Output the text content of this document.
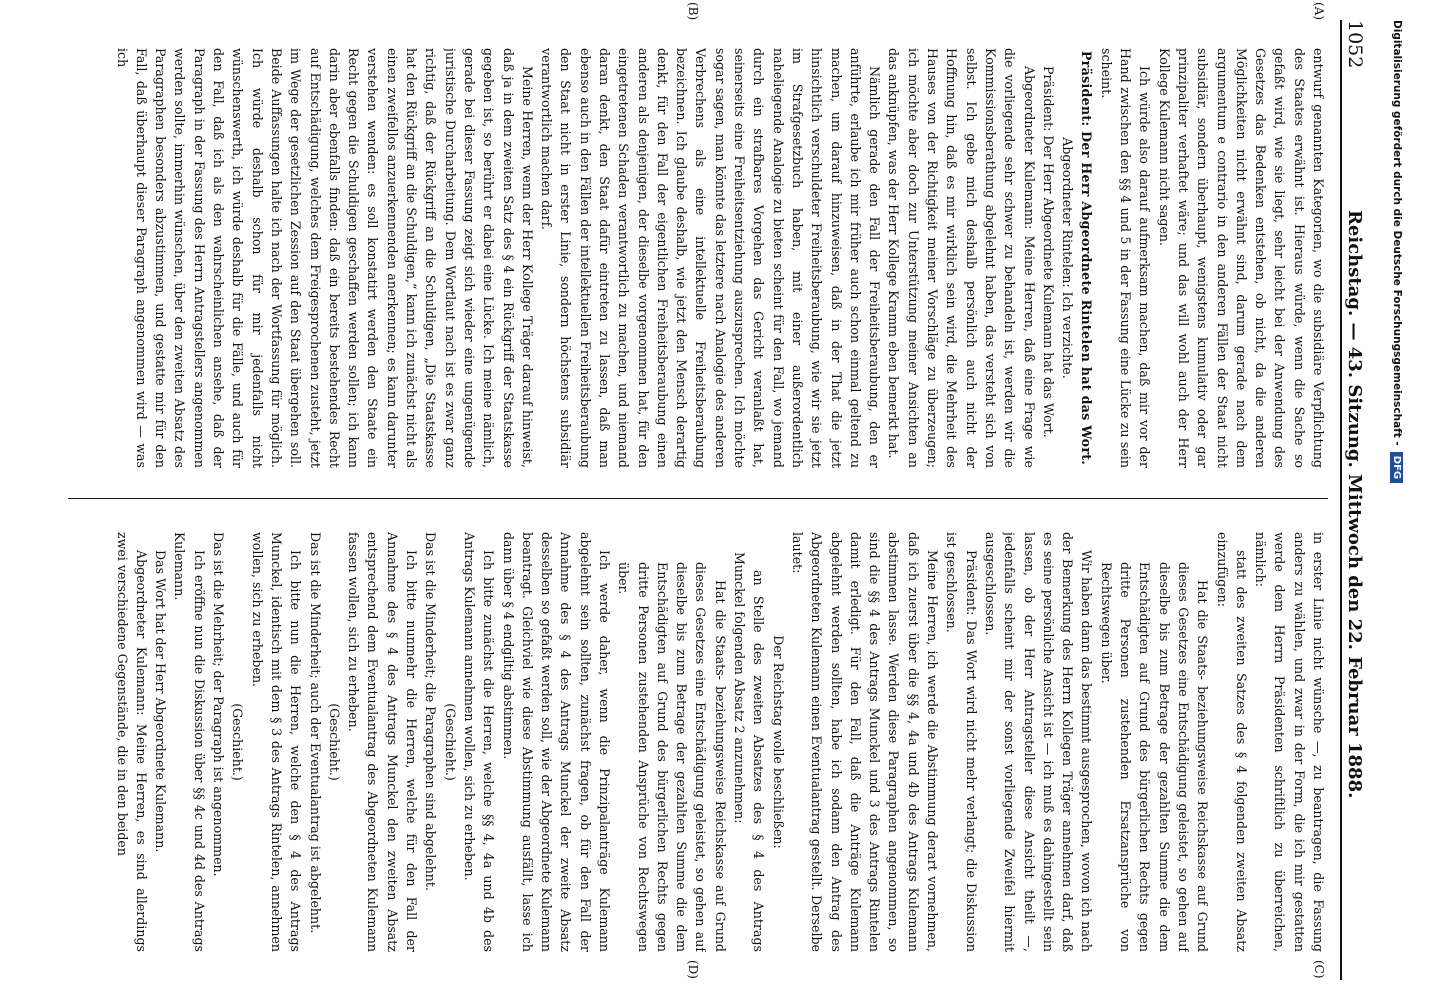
1052
Reichstag. — 43. Sitzung. Mittwoch den 22. Februar 1888.
(A)
(B)
(C)
(D)

entwurf genannten Kategorien, wo die subsidiäre Verpflichtung des Staates erwähnt ist. Hieraus würde, wenn die Sache so gefaßt wird, wie sie liegt, sehr leicht bei der Anwendung des Gesetzes das Bedenken entstehen, ob nicht, da die anderen Möglichkeiten nicht erwähnt sind, darum gerade nach dem argumentum e contrario in den anderen Fällen der Staat nicht subsidiär, sondern überhaupt, wenigstens kumulativ oder gar prinzipaliter verhaftet wäre; und das will wohl auch der Herr Kollege Kulemann nicht sagen.

Ich würde also darauf aufmerksam machen, daß mir vor der Hand zwischen den §§ 4 und 5 in der Fassung eine Lücke zu sein scheint.

Präsident: Der Herr Abgeordnete Rintelen hat das Wort.

Abgeordneter Rintelen: Ich verzichte.

Präsident: Der Herr Abgeordnete Kulemann hat das Wort.

Abgeordneter Kulemann: Meine Herren, daß eine Frage wie die vorliegende sehr schwer zu behandeln ist, werden wir die Kommissionsberathung abgelehnt haben, das versteht sich von selbst. Ich gebe mich deshalb persönlich auch nicht der Hoffnung hin, daß es mir wirklich sein wird, die Mehrheit des Hauses von der Richtigkeit meiner Vorschläge zu überzeugen; ich möchte aber doch zur Unterstützung meiner Ansichten an das anknüpfen, was der Herr Kollege Kramm eben bemerkt hat.

Nämlich gerade den Fall der Freiheitsberaubung, den er anführte, erlaube ich mir früher auch schon einmal geltend zu machen, um darauf hinzuweisen, daß in der That die jetzt hinsichtlich verschuldeter Freiheitsberaubung, wie wir sie jetzt im Strafgesetzbuch haben, mit einer außerordentlich naheliegende Analogie zu bieten scheint für den Fall, wo jemand durch ein strafbares Vorgehen das Gericht veranlaßt hat, seinerseits eine Freiheitsentziehung auszusprechen. Ich möchte sogar sagen, man könnte das letztere nach Analogie des anderen Verbrechens als eine intellektuelle Freiheitsberaubung bezeichnen. Ich glaube deshalb, wie jetzt den Mensch derartig denkt, für den Fall der eigentlichen Freiheitsberaubung einen anderen als denjenigen, der dieselbe vorgenommen hat, für den eingetretenen Schaden verantwortlich zu machen, und niemand daran denkt, den Staat dafür eintreten zu lassen, daß man ebenso auch in den Fällen der intellektuellen Freiheitsberaubung den Staat nicht in erster Linie, sondern höchstens subsidiär verantwortlich machen darf.

Meine Herren, wenn der Herr Kollege Träger darauf hinweist, daß ja in dem zweiten Satz des § 4 ein Rückgriff der Staatskasse gegeben ist, so berührt er dabei eine Lücke. Ich meine nämlich, gerade bei dieser Fassung zeigt sich wieder eine ungenügende juristische Durcharbeitung. Dem Wortlaut nach ist es zwar ganz richtig, daß der Rückgriff an die Schuldigen, „Die Staatskasse hat den Rückgriff an die Schuldigen,“ kann ich zunächst nicht als einen zweifellos anzuerkennenden anerkennen; es kann darunter verstehen wenden: es soll konstatirt werden den Staate ein Recht gegen die Schuldigen geschaffen werden sollen; ich kann darin aber ebenfalls finden: daß ein bereits bestehendes Recht auf Entschädigung, welches dem Freigesprochenen zusteht, jetzt im Wege der gesetzlichen Zession auf den Staat übergehen soll. Beide Auffassungen halte ich nach der Wortfassung für möglich. Ich würde deshalb schon für mir jedenfalls nicht wünschenswerth, ich würde deshalb für die Fälle, und auch für den Fall, daß ich als den wahrscheinlichen ansehe, daß der Paragraph in der Fassung des Herrn Antragstellers angenommen werden sollte, immerhin wünschen, über den zweiten Absatz des Paragraphen besonders abzustimmen, und gestatte mir für den Fall, daß überhaupt dieser Paragraph angenommen wird — was ich

in erster Linie nicht wünsche —, zu beantragen, die Fassung anders zu wählen, und zwar in der Form, die ich mir gestatten werde dem Herrn Präsidenten schriftlich zu überreichen, nämlich:

statt des zweiten Satzes des § 4 folgenden zweiten Absatz einzufügen:

Hat die Staats- beziehungsweise Reichskasse auf Grund dieses Gesetzes eine Entschädigung geleistet, so gehen auf dieselbe bis zum Betrage der gezahlten Summe die dem Entschädigten auf Grund des bürgerlichen Rechts gegen dritte Personen zustehenden Ersatzansprüche von Rechtswegen über.

Wir haben dann das bestimmt ausgesprochen, wovon ich nach der Bemerkung des Herrn Kollegen Träger annehmen darf, daß es seine persönliche Ansicht ist — ich muß es dahingestellt sein lassen, ob der Herr Antragsteller diese Ansicht theilt —, jedenfalls scheint mir der sonst vorliegende Zweifel hiermit ausgeschlossen.

Präsident: Das Wort wird nicht mehr verlangt; die Diskussion ist geschlossen.

Meine Herren, ich werde die Abstimmung derart vornehmen, daß ich zuerst über die §§ 4, 4a und 4b des Antrags Kulemann abstimmen lasse. Werden diese Paragraphen angenommen, so sind die §§ 4 des Antrags Munckel und 3 des Antrags Rintelen damit erledigt. Für den Fall, daß die Anträge Kulemann abgelehnt werden sollten, habe ich sodann den Antrag des Abgeordneten Kulemann einen Eventualantrag gestellt. Derselbe lautet:

Der Reichstag wolle beschließen:

an Stelle des zweiten Absatzes des § 4 des Antrags Munckel folgenden Absatz 2 anzunehmen:

Hat die Staats- beziehungsweise Reichskasse auf Grund dieses Gesetzes eine Entschädigung geleistet, so gehen auf dieselbe bis zum Betrage der gezahlten Summe die dem Entschädigten auf Grund des bürgerlichen Rechts gegen dritte Personen zustehenden Ansprüche von Rechtswegen über.

Ich werde daher, wenn die Prinzipalanträge Kulemann abgelehnt sein sollten, zunächst fragen, ob für den Fall der Annahme des § 4 des Antrags Munckel der zweite Absatz desselben so gefaßt werden soll, wie der Abgeordnete Kulemann beantragt. Gleichviel wie diese Abstimmung ausfällt, lasse ich dann über § 4 endgiltig abstimmen.

Ich bitte zunächst die Herren, welche §§ 4, 4a und 4b des Antrags Kulemann annehmen wollen, sich zu erheben.

(Geschieht.)

Das ist die Minderheit; die Paragraphen sind abgelehnt.

Ich bitte nunmehr die Herren, welche für den Fall der Annahme des § 4 des Antrags Munckel den zweiten Absatz entsprechend dem Eventualantrag des Abgeordneten Kulemann fassen wollen, sich zu erheben.

(Geschieht.)

Das ist die Minderheit; auch der Eventualantrag ist abgelehnt.

Ich bitte nun die Herren, welche den § 4 des Antrags Munckel, identisch mit dem § 3 des Antrags Rintelen, annehmen wollen, sich zu erheben.

(Geschieht.)

Das ist die Mehrheit; der Paragraph ist angenommen.

Ich eröffne nun die Diskussion über §§ 4c und 4d des Antrags Kulemann.

Das Wort hat der Herr Abgeordnete Kulemann.

Abgeordneter Kulemann: Meine Herren, es sind allerdings zwei verschiedene Gegenstände, die in den beiden

Digitalisierung gefördert durch die Deutsche Forschungsgemeinschaft -
DFG
